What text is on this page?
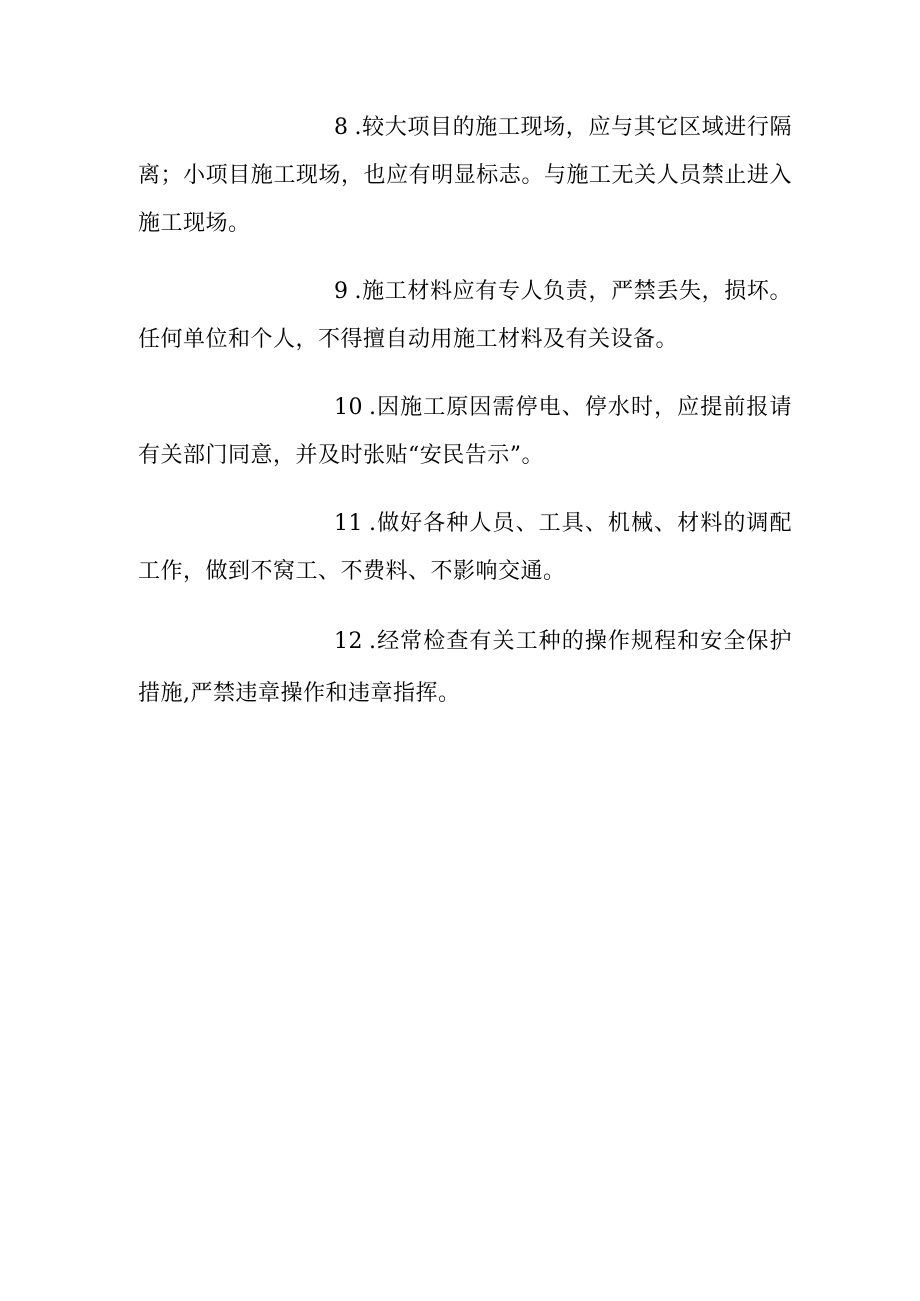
8 .较大项目的施工现场，应与其它区域进行隔离；小项目施工现场，也应有明显标志。与施工无关人员禁止进入施工现场。

9 .施工材料应有专人负责，严禁丢失，损坏。任何单位和个人，不得擅自动用施工材料及有关设备。

10 .因施工原因需停电、停水时，应提前报请有关部门同意，并及时张贴“安民告示”。

11 .做好各种人员、工具、机械、材料的调配工作，做到不窝工、不费料、不影响交通。

12 .经常检查有关工种的操作规程和安全保护措施,严禁违章操作和违章指挥。
